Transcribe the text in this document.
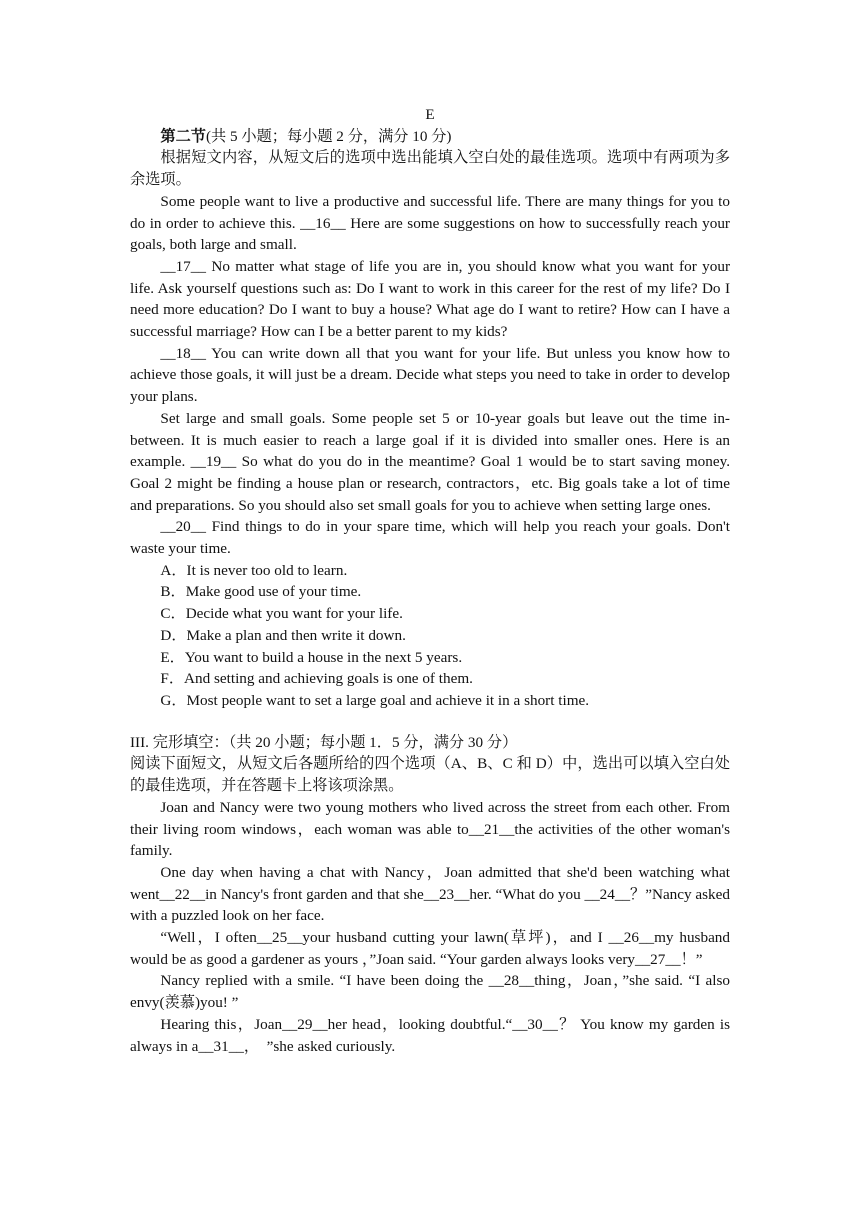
E

第二节(共 5 小题；每小题 2 分，满分 10 分)

根据短文内容，从短文后的选项中选出能填入空白处的最佳选项。选项中有两项为多余选项。

Some people want to live a productive and successful life. There are many things for you to do in order to achieve this. __16__ Here are some suggestions on how to successfully reach your goals, both large and small.

__17__ No matter what stage of life you are in, you should know what you want for your life. Ask yourself questions such as: Do I want to work in this career for the rest of my life? Do I need more education? Do I want to buy a house? What age do I want to retire? How can I have a successful marriage? How can I be a better parent to my kids?

__18__ You can write down all that you want for your life. But unless you know how to achieve those goals, it will just be a dream. Decide what steps you need to take in order to develop your plans.

Set large and small goals. Some people set 5 or 10-year goals but leave out the time in-between. It is much easier to reach a large goal if it is divided into smaller ones. Here is an example. __19__ So what do you do in the meantime? Goal 1 would be to start saving money. Goal 2 might be finding a house plan or research, contractors，etc. Big goals take a lot of time and preparations. So you should also set small goals for you to achieve when setting large ones.

__20__ Find things to do in your spare time, which will help you reach your goals. Don't waste your time.

A．It is never too old to learn.

B．Make good use of your time.

C．Decide what you want for your life.

D．Make a plan and then write it down.

E．You want to build a house in the next 5 years.

F．And setting and achieving goals is one of them.

G．Most people want to set a large goal and achieve it in a short time.

III. 完形填空：（共 20 小题；每小题 1．5 分，满分 30 分）

阅读下面短文，从短文后各题所给的四个选项（A、B、C 和 D）中，选出可以填入空白处的最佳选项，并在答题卡上将该项涂黑。

Joan and Nancy were two young mothers who lived across the street from each other. From their living room windows，each woman was able to__21__the activities of the other woman's family.

One day when having a chat with Nancy，Joan admitted that she'd been watching what went__22__in Nancy's front garden and that she__23__her. “What do you __24__？”Nancy asked with a puzzled look on her face.

“Well，I often__25__your husband cutting your lawn(草坪)，and I __26__my husband would be as good a gardener as yours ，”Joan said. “Your garden always looks very__27__！”

Nancy replied with a smile. “I have been doing the __28__thing，Joan，”she said. “I also envy(羡慕)you! ”

Hearing this，Joan__29__her head，looking doubtful.“__30__？ You know my garden is always in a__31__，　”she asked curiously.
